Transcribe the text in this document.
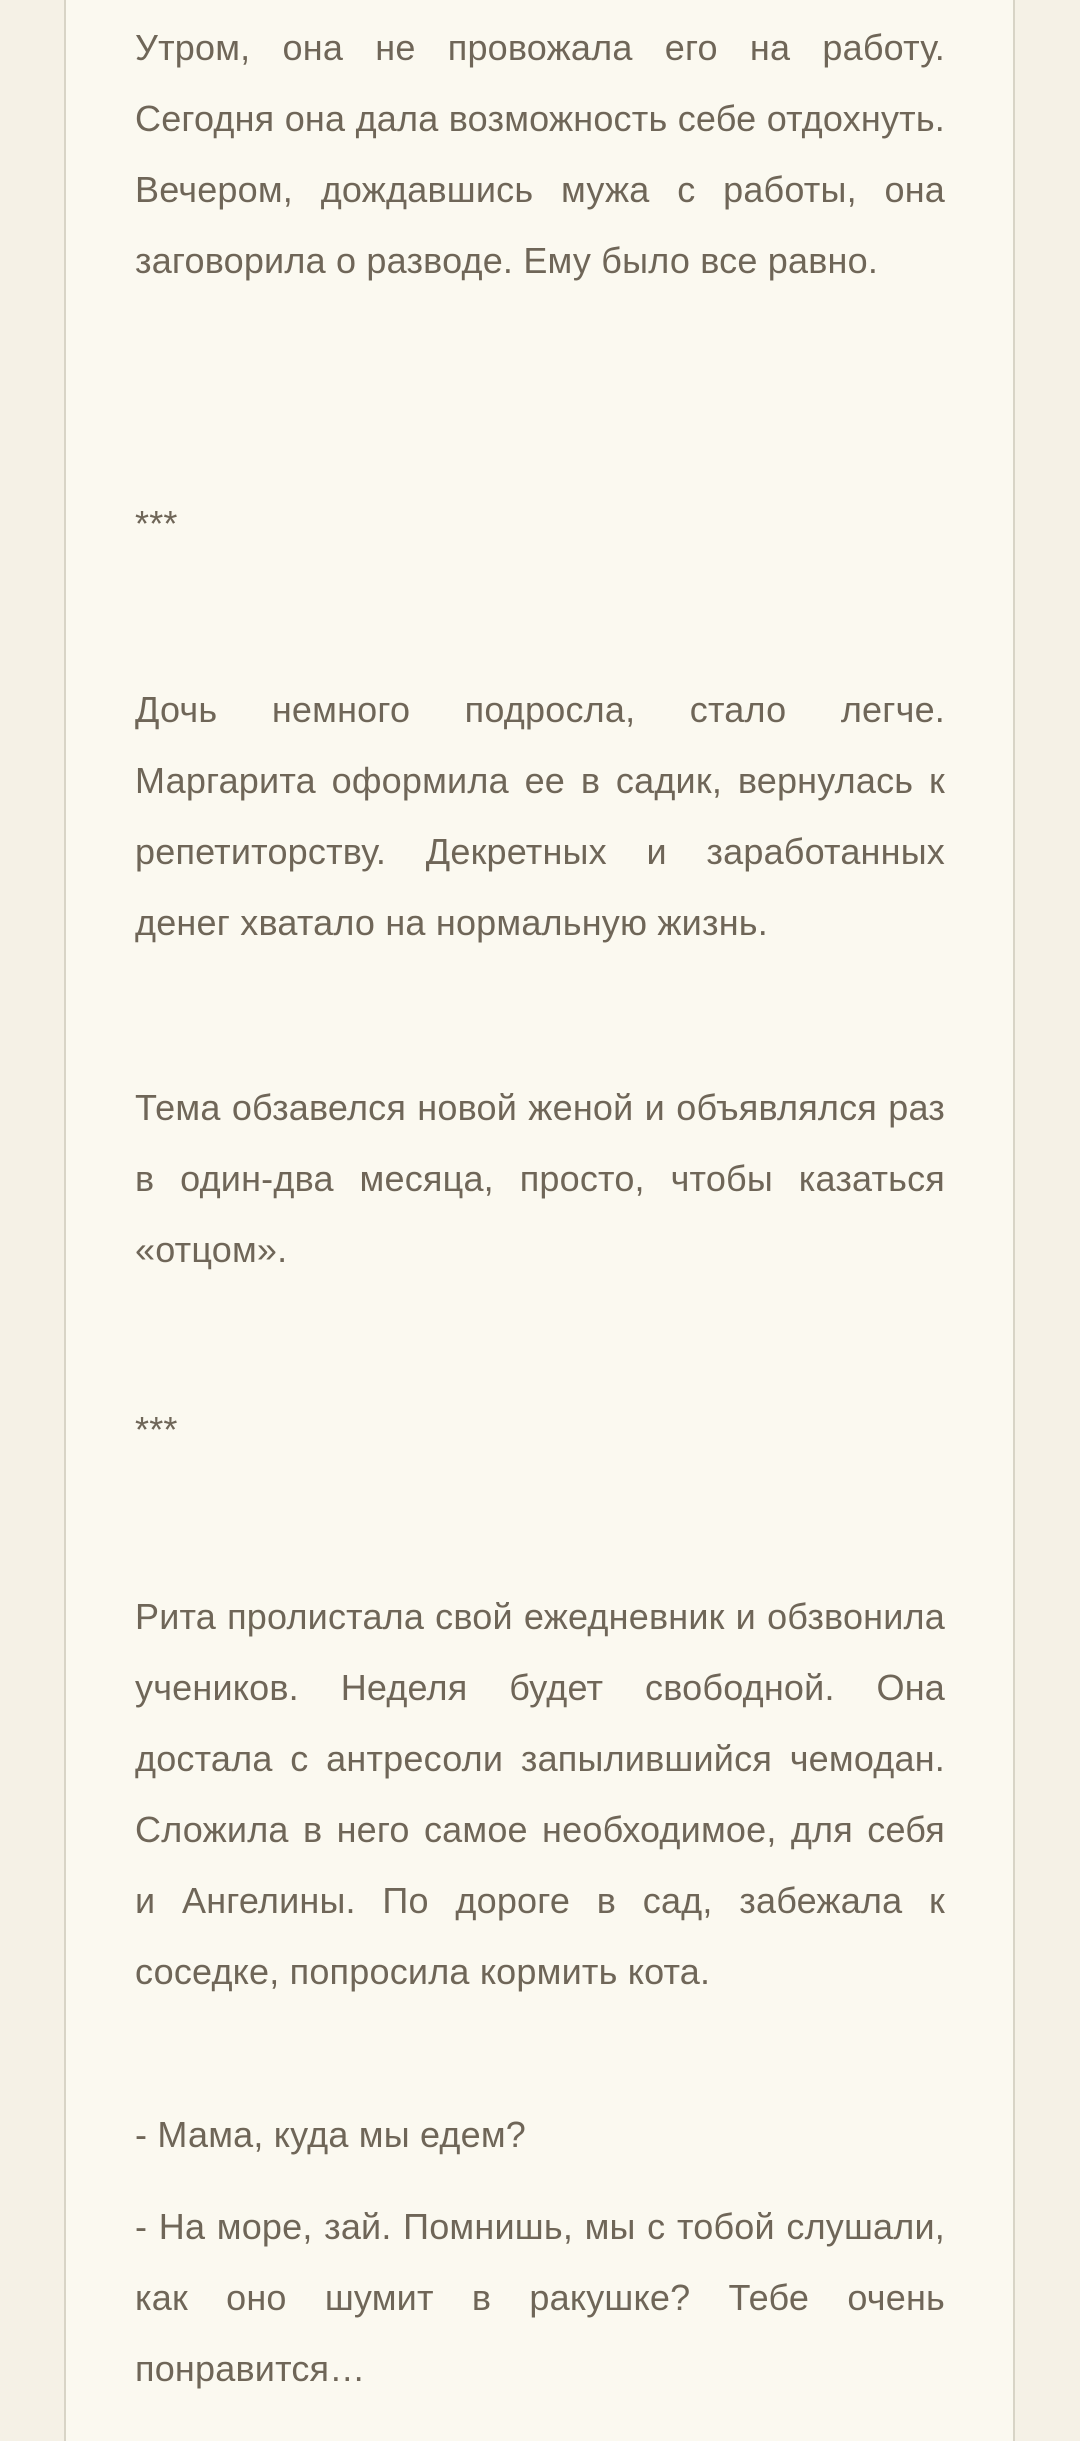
Утром, она не провожала его на работу. Сегодня она дала возможность себе отдохнуть. Вечером, дождавшись мужа с работы, она заговорила о разводе. Ему было все равно.

***

Дочь немного подросла, стало легче. Маргарита оформила ее в садик, вернулась к репетиторству. Декретных и заработанных денег хватало на нормальную жизнь.

Тема обзавелся новой женой и объявлялся раз в один-два месяца, просто, чтобы казаться «отцом».

***

Рита пролистала свой ежедневник и обзвонила учеников. Неделя будет свободной. Она достала с антресоли запылившийся чемодан. Сложила в него самое необходимое, для себя и Ангелины. По дороге в сад, забежала к соседке, попросила кормить кота.

- Мама, куда мы едем?

- На море, зай. Помнишь, мы с тобой слушали, как оно шумит в ракушке? Тебе очень понравится…
